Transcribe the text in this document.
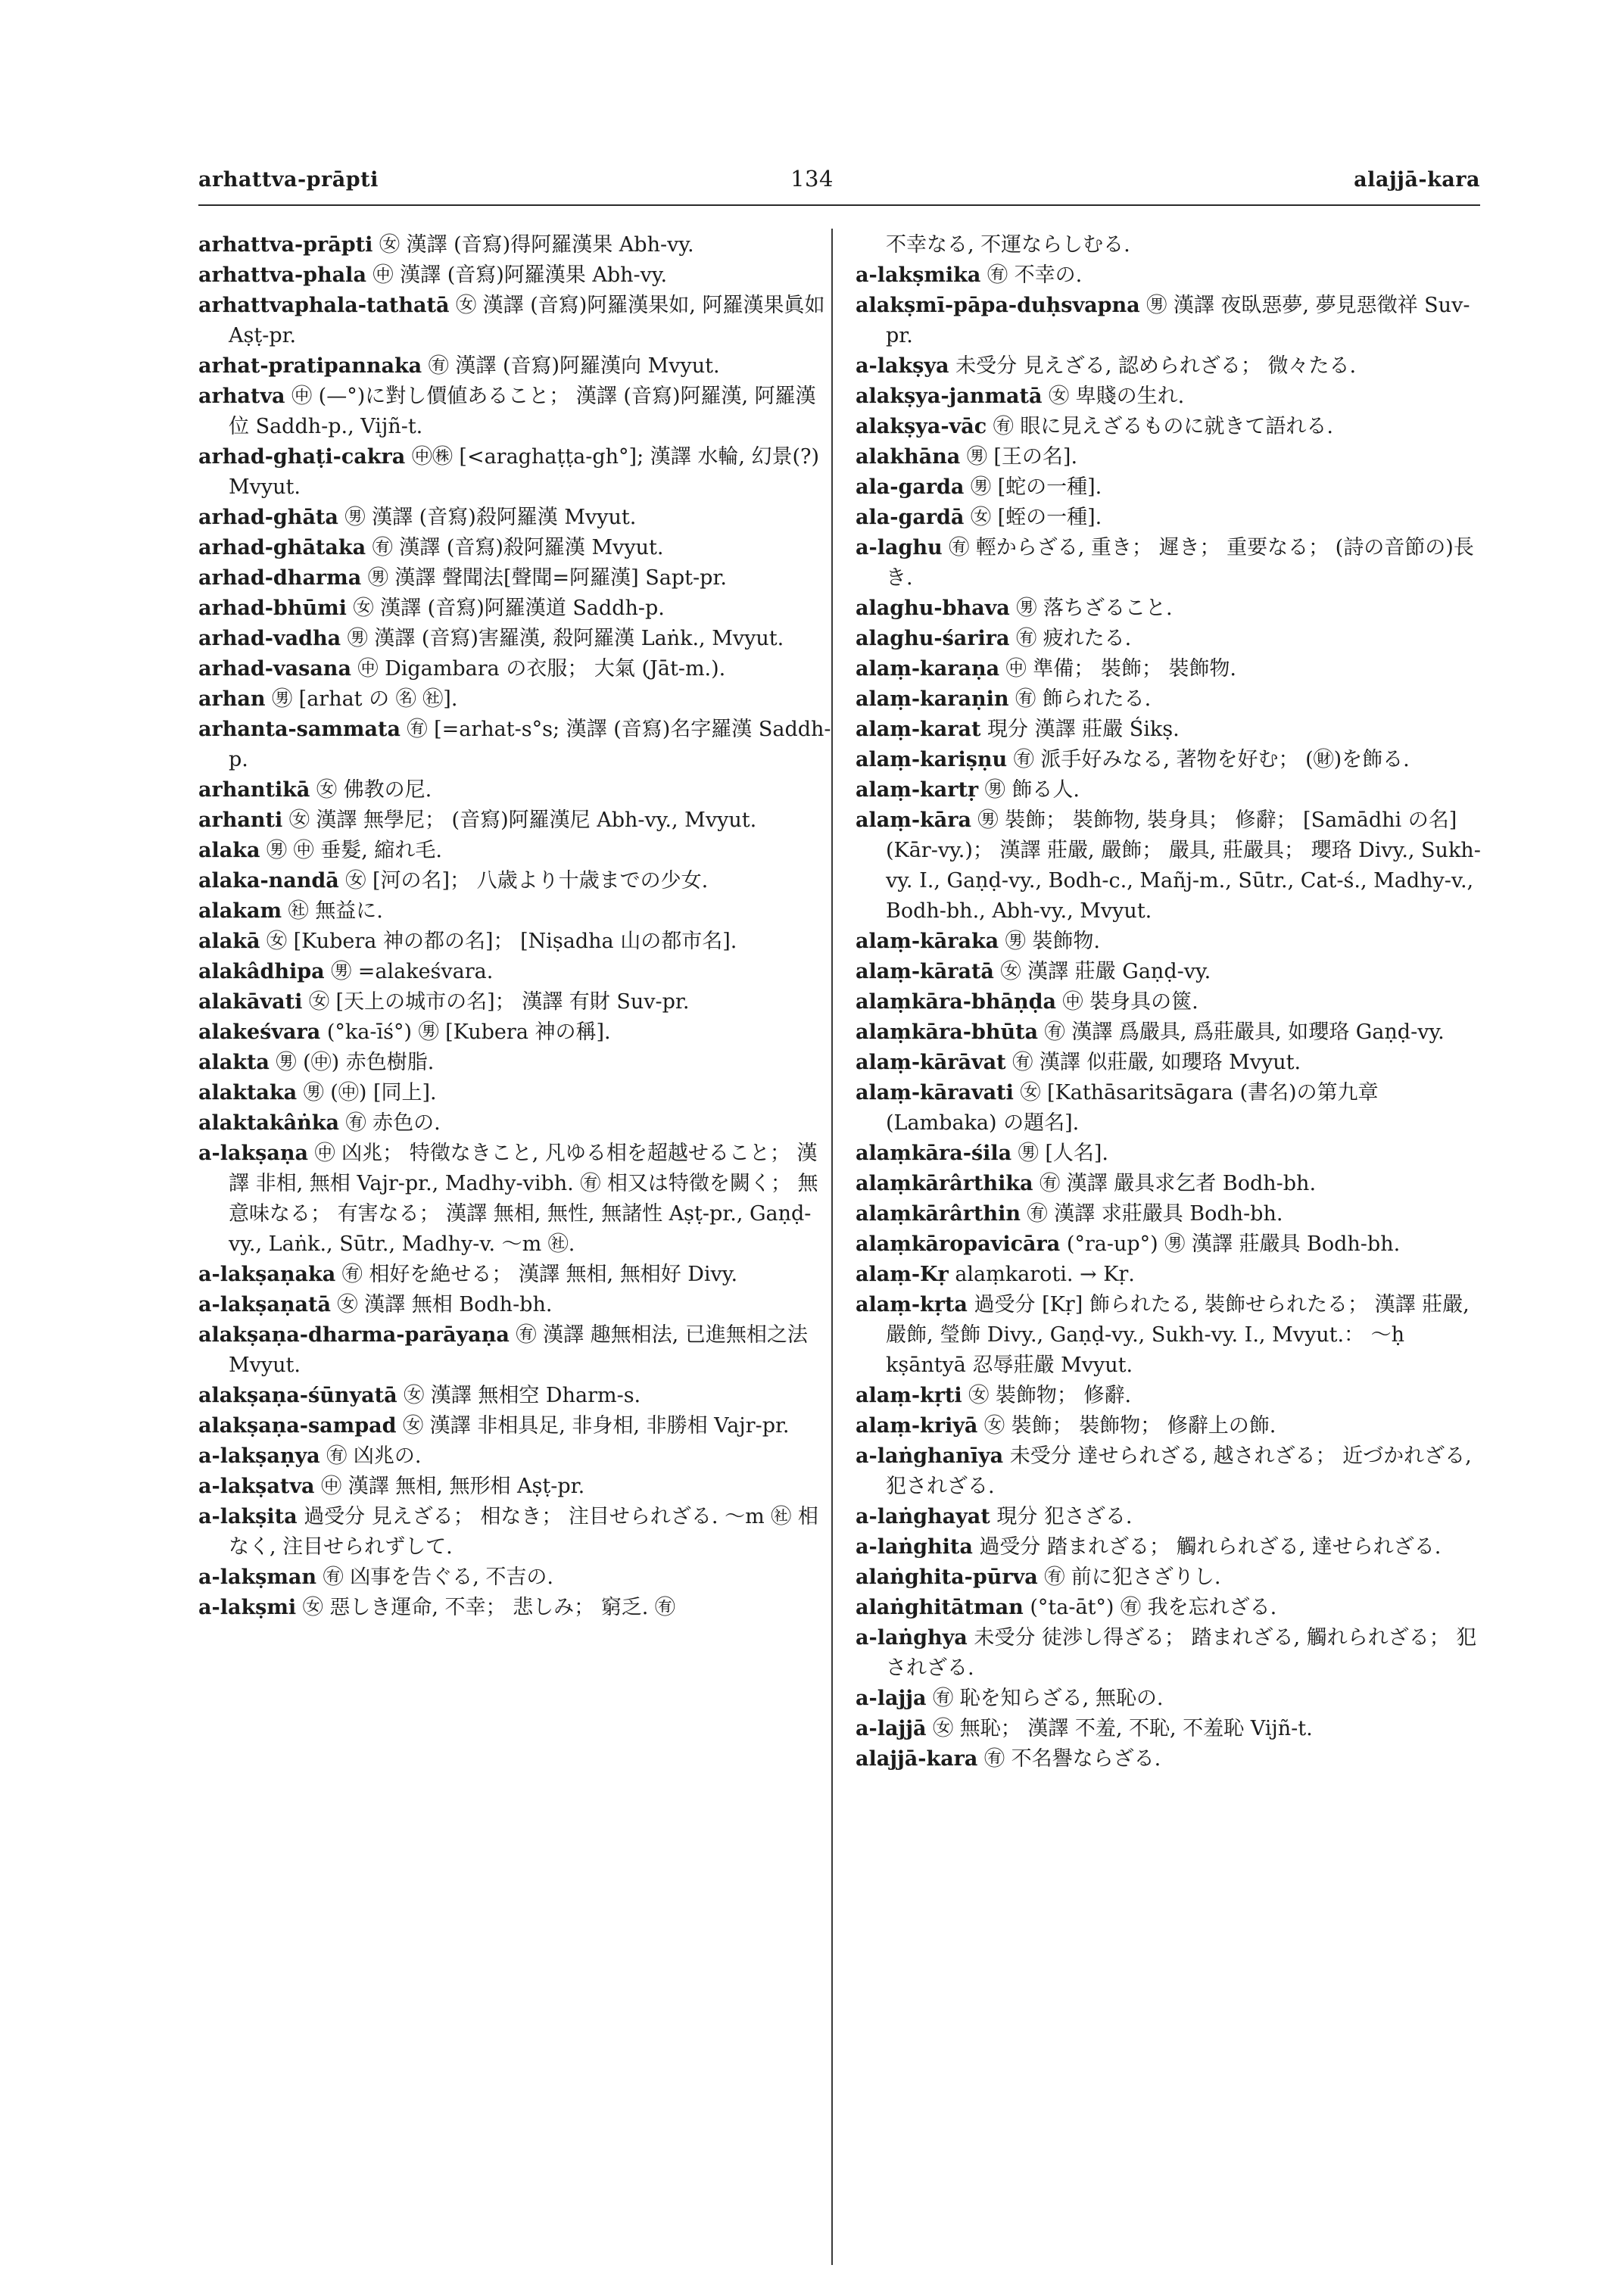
arhattva-prāpti	134	alajjā-kara

arhattva-prāpti ㊛ 漢譯 (音寫)得阿羅漢果 Abh-vy.

arhattva-phala ㊥ 漢譯 (音寫)阿羅漢果 Abh-vy.

arhattvaphala-tathatā ㊛ 漢譯 (音寫)阿羅漢果如, 阿羅漢果眞如 Aṣṭ-pr.

arhat-pratipannaka ㊒ 漢譯 (音寫)阿羅漢向 Mvyut.

arhatva ㊥ (—°)に對し價値あること； 漢譯 (音寫)阿羅漢, 阿羅漢位 Saddh-p., Vijñ-t.

arhad-ghaṭi-cakra ㊥㊑ [<araghaṭṭa-gh°]; 漢譯 水輪, 幻景(?) Mvyut.

arhad-ghāta ㊚ 漢譯 (音寫)殺阿羅漢 Mvyut.

arhad-ghātaka ㊒ 漢譯 (音寫)殺阿羅漢 Mvyut.

arhad-dharma ㊚ 漢譯 聲聞法[聲聞=阿羅漢] Sapt-pr.

arhad-bhūmi ㊛ 漢譯 (音寫)阿羅漢道 Saddh-p.

arhad-vadha ㊚ 漢譯 (音寫)害羅漢, 殺阿羅漢 Laṅk., Mvyut.

arhad-vasana ㊥ Digambara の衣服； 大氣 (Jāt-m.).

arhan ㊚ [arhat の ㊔ ㊓].

arhanta-sammata ㊒ [=arhat-s°s; 漢譯 (音寫)名字羅漢 Saddh-p.

arhantikā ㊛ 佛教の尼.

arhanti ㊛ 漢譯 無學尼； (音寫)阿羅漢尼 Abh-vy., Mvyut.

alaka ㊚ ㊥ 垂髮, 縮れ毛.

alaka-nandā ㊛ [河の名]； 八歳より十歳までの少女.

alakam ㊓ 無益に.

alakā ㊛ [Kubera 神の都の名]； [Niṣadha 山の都市名].

alakâdhipa ㊚ =alakeśvara.

alakāvati ㊛ [天上の城市の名]； 漢譯 有財 Suv-pr.

alakeśvara (°ka-īś°) ㊚ [Kubera 神の稱].

alakta ㊚ (㊥) 赤色樹脂.

alaktaka ㊚ (㊥) [同上].

alaktakâṅka ㊒ 赤色の.

a-lakṣaṇa ㊥ 凶兆； 特徵なきこと, 凡ゆる相を超越せること； 漢譯 非相, 無相 Vajr-pr., Madhy-vibh. ㊒ 相又は特徵を闕く； 無意味なる； 有害なる； 漢譯 無相, 無性, 無諸性 Aṣṭ-pr., Gaṇḍ-vy., Laṅk., Sūtr., Madhy-v. ～m ㊓.

a-lakṣaṇaka ㊒ 相好を絶せる； 漢譯 無相, 無相好 Divy.

a-lakṣaṇatā ㊛ 漢譯 無相 Bodh-bh.

alakṣaṇa-dharma-parāyaṇa ㊒ 漢譯 趣無相法, 已進無相之法 Mvyut.

alakṣaṇa-śūnyatā ㊛ 漢譯 無相空 Dharm-s.

alakṣaṇa-sampad ㊛ 漢譯 非相具足, 非身相, 非勝相 Vajr-pr.

a-lakṣaṇya ㊒ 凶兆の.

a-lakṣatva ㊥ 漢譯 無相, 無形相 Aṣṭ-pr.

a-lakṣita 過受分 見えざる； 相なき； 注目せられざる. ～m ㊓ 相なく, 注目せられずして.

a-lakṣman ㊒ 凶事を告ぐる, 不吉の.

a-lakṣmi ㊛ 惡しき運命, 不幸； 悲しみ； 窮乏. ㊒

不幸なる, 不運ならしむる.

a-lakṣmika ㊒ 不幸の.

alakṣmī-pāpa-duḥsvapna ㊚ 漢譯 夜臥惡夢, 夢見惡徵祥 Suv-pr.

a-lakṣya 未受分 見えざる, 認められざる； 微々たる.

alakṣya-janmatā ㊛ 卑賤の生れ.

alakṣya-vāc ㊒ 眼に見えざるものに就きて語れる.

alakhāna ㊚ [王の名].

ala-garda ㊚ [蛇の一種].

ala-gardā ㊛ [蛭の一種].

a-laghu ㊒ 輕からざる, 重き； 遲き； 重要なる； (詩の音節の)長き.

alaghu-bhava ㊚ 落ちざること.

alaghu-śarira ㊒ 疲れたる.

alaṃ-karaṇa ㊥ 準備； 裝飾； 裝飾物.

alaṃ-karaṇin ㊒ 飾られたる.

alaṃ-karat 現分 漢譯 莊嚴 Śikṣ.

alaṃ-kariṣṇu ㊒ 派手好みなる, 著物を好む； (㊖)を飾る.

alaṃ-kartṛ ㊚ 飾る人.

alaṃ-kāra ㊚ 裝飾； 裝飾物, 裝身具； 修辭； [Samādhi の名] (Kār-vy.)； 漢譯 莊嚴, 嚴飾； 嚴具, 莊嚴具； 瓔珞 Divy., Sukh-vy. I., Gaṇḍ-vy., Bodh-c., Mañj-m., Sūtr., Cat-ś., Madhy-v., Bodh-bh., Abh-vy., Mvyut.

alaṃ-kāraka ㊚ 裝飾物.

alaṃ-kāratā ㊛ 漢譯 莊嚴 Gaṇḍ-vy.

alaṃkāra-bhāṇḍa ㊥ 裝身具の篋.

alaṃkāra-bhūta ㊒ 漢譯 爲嚴具, 爲莊嚴具, 如瓔珞 Gaṇḍ-vy.

alaṃ-kārāvat ㊒ 漢譯 似莊嚴, 如瓔珞 Mvyut.

alaṃ-kāravati ㊛ [Kathāsaritsāgara (書名)の第九章 (Lambaka) の題名].

alaṃkāra-śila ㊚ [人名].

alaṃkārârthika ㊒ 漢譯 嚴具求乞者 Bodh-bh.

alaṃkārârthin ㊒ 漢譯 求莊嚴具 Bodh-bh.

alaṃkāropavicāra (°ra-up°) ㊚ 漢譯 莊嚴具 Bodh-bh.

alaṃ-Kṛ alaṃkaroti. → Kṛ.

alaṃ-kṛta 過受分 [Kṛ] 飾られたる, 裝飾せられたる； 漢譯 莊嚴, 嚴飾, 瑩飾 Divy., Gaṇḍ-vy., Sukh-vy. I., Mvyut.： ～ḥ kṣāntyā 忍辱莊嚴 Mvyut.

alaṃ-kṛti ㊛ 裝飾物； 修辭.

alaṃ-kriyā ㊛ 裝飾； 裝飾物； 修辭上の飾.

a-laṅghanīya 未受分 達せられざる, 越されざる； 近づかれざる, 犯されざる.

a-laṅghayat 現分 犯さざる.

a-laṅghita 過受分 踏まれざる； 觸れられざる, 達せられざる.

alaṅghita-pūrva ㊒ 前に犯さざりし.

alaṅghitātman (°ta-āt°) ㊒ 我を忘れざる.

a-laṅghya 未受分 徒渉し得ざる； 踏まれざる, 觸れられざる； 犯されざる.

a-lajja ㊒ 恥を知らざる, 無恥の.

a-lajjā ㊛ 無恥； 漢譯 不羞, 不恥, 不羞恥 Vijñ-t.

alajjā-kara ㊒ 不名譽ならざる.
